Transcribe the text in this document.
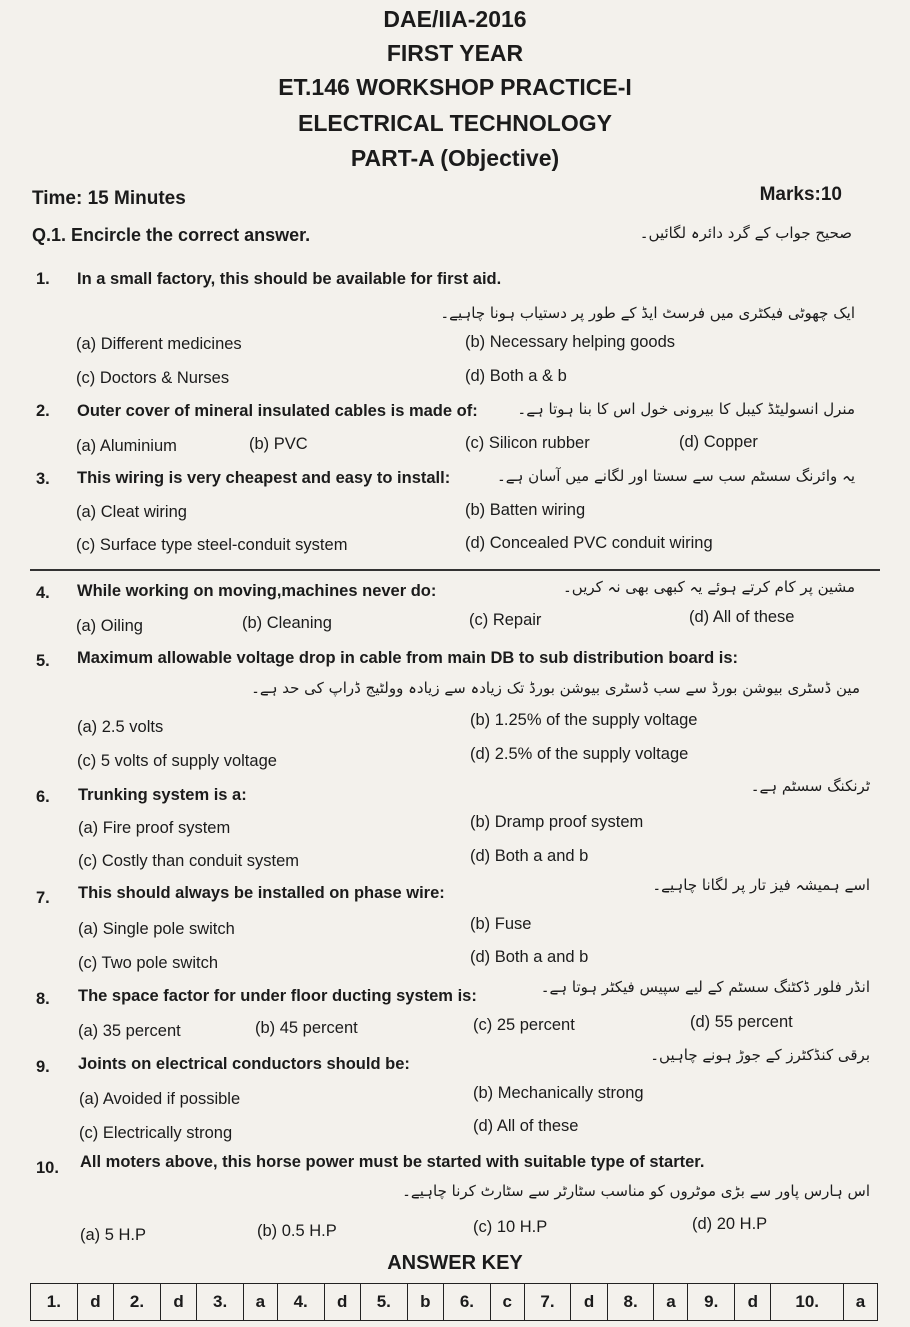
DAE/IIA-2016
FIRST YEAR
ET.146 WORKSHOP PRACTICE-I
ELECTRICAL TECHNOLOGY
PART-A (Objective)
Time: 15 Minutes	Marks:10
Q.1. Encircle the correct answer.	صحیح جواب کے گرد دائرہ لگائیں۔
1. In a small factory, this should be available for first aid.
ایک چھوٹی فیکٹری میں فرسٹ ایڈ کے طور پر دستیاب ہونا چاہیے۔
(a) Different medicines	(b) Necessary helping goods
(c) Doctors & Nurses	(d) Both a & b
2. Outer cover of mineral insulated cables is made of:	منرل انسولیٹڈ کیبل کا بیرونی خول اس کا بنا ہوتا ہے۔
(a) Aluminium	(b) PVC	(c) Silicon rubber	(d) Copper
3. This wiring is very cheapest and easy to install:	یہ وائرنگ سسٹم سب سے سستا اور لگانے میں آسان ہے۔
(a) Cleat wiring	(b) Batten wiring
(c) Surface type steel-conduit system	(d) Concealed PVC conduit wiring
4. While working on moving,machines never do:	مشین پر کام کرتے ہوئے یہ کبھی بھی نہ کریں۔
(a) Oiling	(b) Cleaning	(c) Repair	(d) All of these
5. Maximum allowable voltage drop in cable from main DB to sub distribution board is:
مین ڈسٹری بیوشن بورڈ سے سب ڈسٹری بیوشن بورڈ تک زیادہ سے زیادہ وولٹیج ڈراپ کی حد ہے۔
(a) 2.5 volts	(b) 1.25% of the supply voltage
(c) 5 volts of supply voltage	(d) 2.5% of the supply voltage
6. Trunking system is a:	ٹرنکنگ سسٹم ہے۔
(a) Fire proof system	(b) Dramp proof system
(c) Costly than conduit system	(d) Both a and b
7. This should always be installed on phase wire:	اسے ہمیشہ فیز تار پر لگانا چاہیے۔
(a) Single pole switch	(b) Fuse
(c) Two pole switch	(d) Both a and b
8. The space factor for under floor ducting system is:	انڈر فلور ڈکٹنگ سسٹم کے لیے سپیس فیکٹر ہوتا ہے۔
(a) 35 percent	(b) 45 percent	(c) 25 percent	(d) 55 percent
9. Joints on electrical conductors should be:	برقی کنڈکٹرز کے جوڑ ہونے چاہیں۔
(a) Avoided if possible	(b) Mechanically strong
(c) Electrically strong	(d) All of these
10. All moters above, this horse power must be started with suitable type of starter.
اس ہارس پاور سے بڑی موٹروں کو مناسب سٹارٹر سے سٹارٹ کرنا چاہیے۔
(a) 5 H.P	(b) 0.5 H.P	(c) 10 H.P	(d) 20 H.P
ANSWER KEY
1.	d	2.	d	3.	a	4.	d	5.	b	6.	c	7.	d	8.	a	9.	d	10.	a
